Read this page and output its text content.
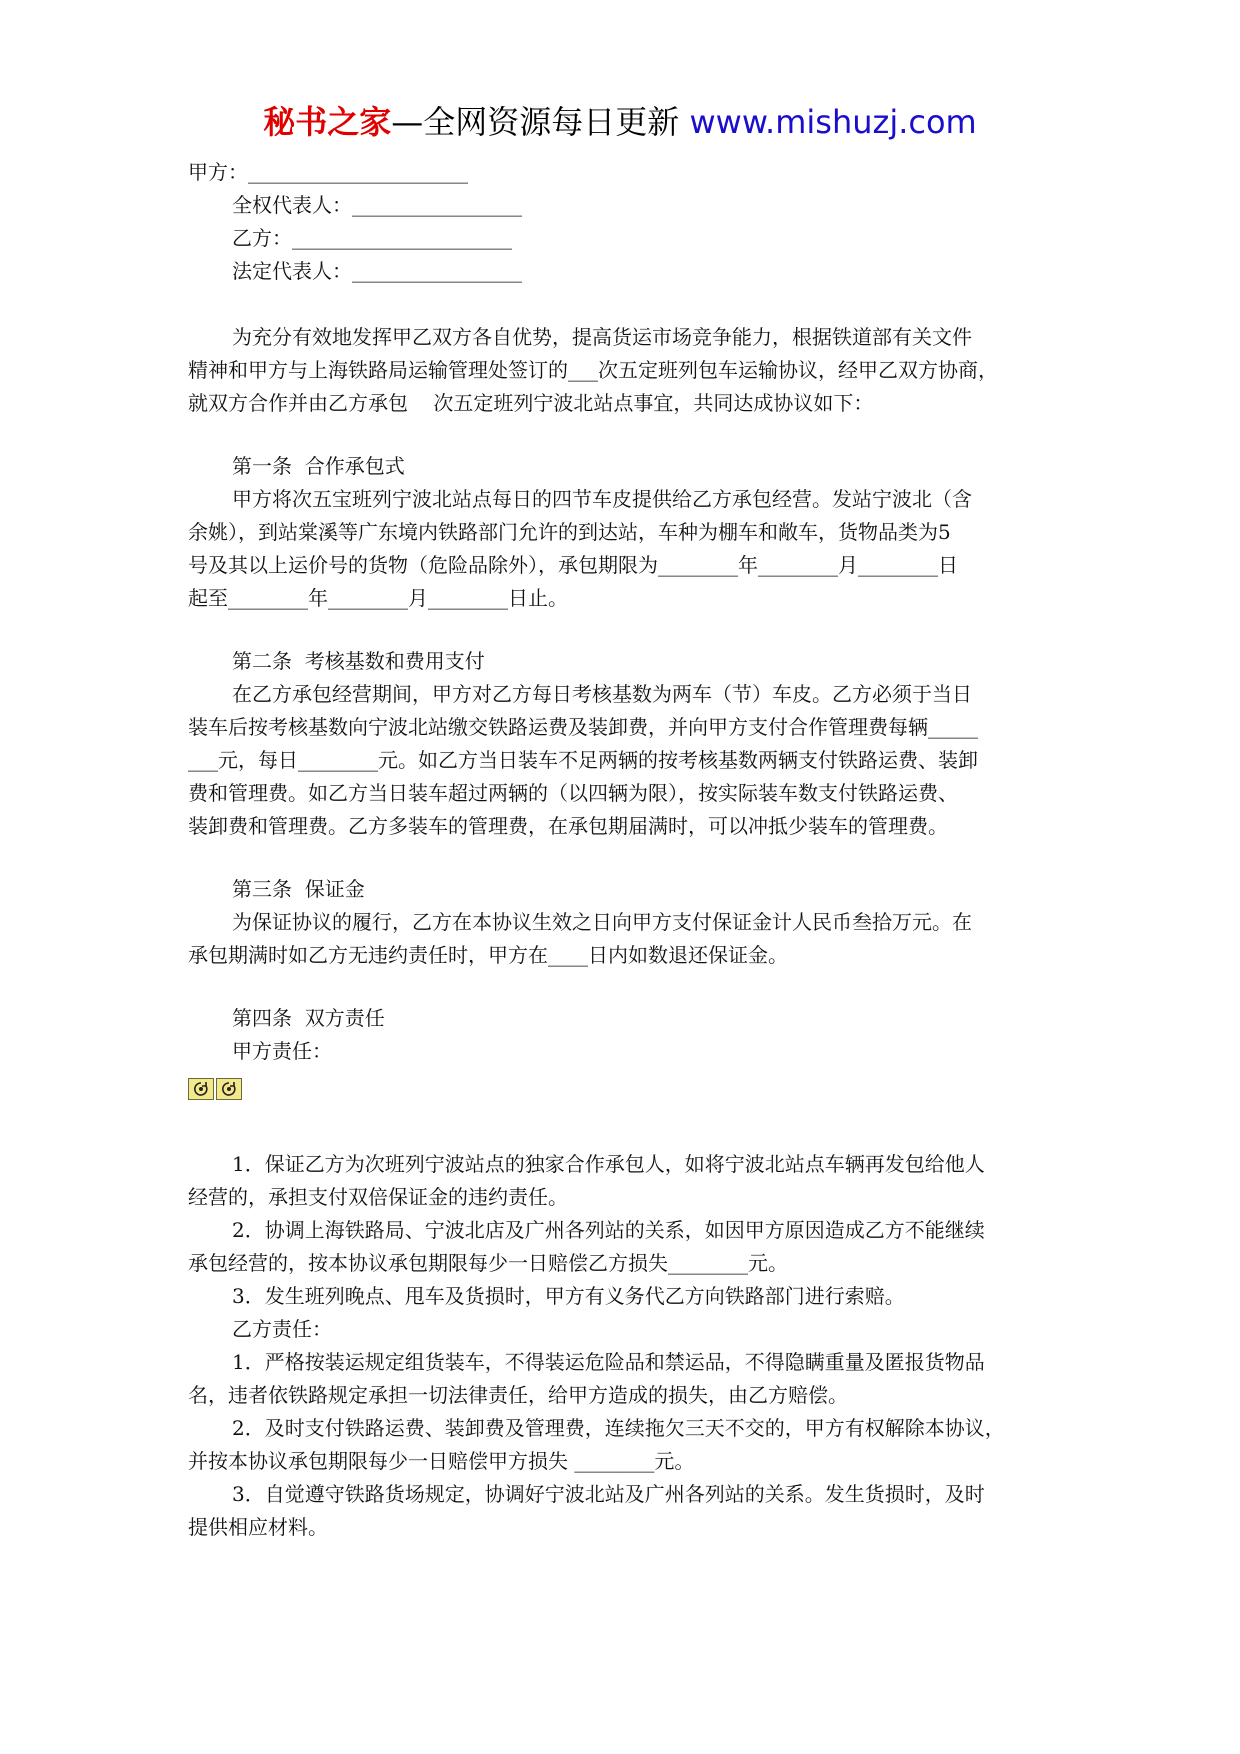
秘书之家—全网资源每日更新 www.mishuzj.com
甲方：______________________
全权代表人：_________________
乙方：______________________
法定代表人：_________________
为充分有效地发挥甲乙双方各自优势，提高货运市场竞争能力，根据铁道部有关文件
精神和甲方与上海铁路局运输管理处签订的___次五定班列包车运输协议，经甲乙双方协商，
就双方合作并由乙方承包    次五定班列宁波北站点事宜，共同达成协议如下：
第一条  合作承包式
甲方将次五宝班列宁波北站点每日的四节车皮提供给乙方承包经营。发站宁波北（含
余姚），到站棠溪等广东境内铁路部门允许的到达站，车种为棚车和敞车，货物品类为5
号及其以上运价号的货物（危险品除外），承包期限为________年________月________日
起至________年________月________日止。
第二条  考核基数和费用支付
在乙方承包经营期间，甲方对乙方每日考核基数为两车（节）车皮。乙方必须于当日
装车后按考核基数向宁波北站缴交铁路运费及装卸费，并向甲方支付合作管理费每辆_____
___元，每日________元。如乙方当日装车不足两辆的按考核基数两辆支付铁路运费、装卸
费和管理费。如乙方当日装车超过两辆的（以四辆为限），按实际装车数支付铁路运费、
装卸费和管理费。乙方多装车的管理费，在承包期届满时，可以冲抵少装车的管理费。
第三条  保证金
为保证协议的履行，乙方在本协议生效之日向甲方支付保证金计人民币叁拾万元。在
承包期满时如乙方无违约责任时，甲方在____日内如数退还保证金。
第四条  双方责任
甲方责任：
1．保证乙方为次班列宁波站点的独家合作承包人，如将宁波北站点车辆再发包给他人
经营的，承担支付双倍保证金的违约责任。
2．协调上海铁路局、宁波北店及广州各列站的关系，如因甲方原因造成乙方不能继续
承包经营的，按本协议承包期限每少一日赔偿乙方损失________元。
3．发生班列晚点、甩车及货损时，甲方有义务代乙方向铁路部门进行索赔。
乙方责任：
1．严格按装运规定组货装车，不得装运危险品和禁运品，不得隐瞒重量及匿报货物品
名，违者依铁路规定承担一切法律责任，给甲方造成的损失，由乙方赔偿。
2．及时支付铁路运费、装卸费及管理费，连续拖欠三天不交的，甲方有权解除本协议，
并按本协议承包期限每少一日赔偿甲方损失 ________元。
3．自觉遵守铁路货场规定，协调好宁波北站及广州各列站的关系。发生货损时，及时
提供相应材料。
